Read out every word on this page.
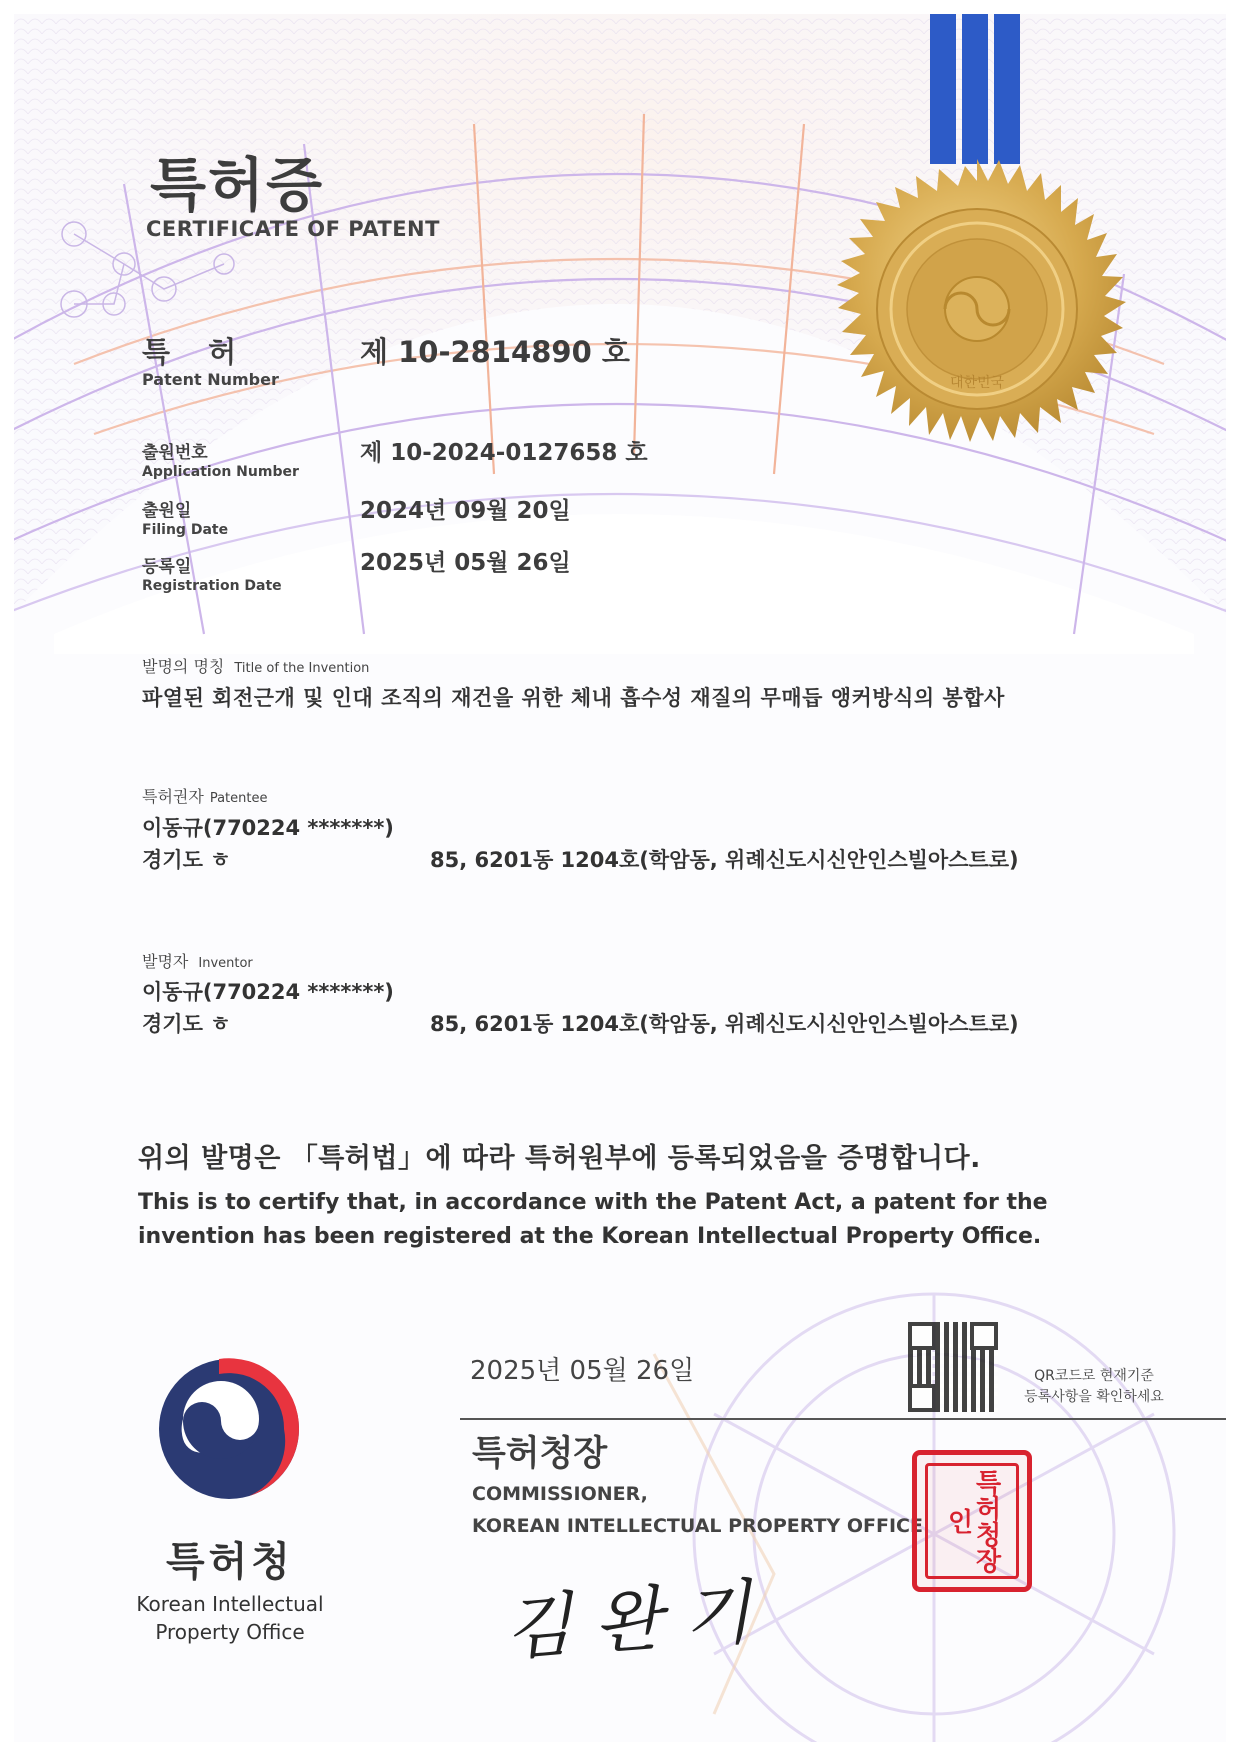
대한민국
특허증
CERTIFICATE OF PATENT
특 허
Patent Number
제 10-2814890 호
출원번호
Application Number
제 10-2024-0127658 호
출원일
Filing Date
2024년 09월 20일
등록일
Registration Date
2025년 05월 26일
발명의 명칭 Title of the Invention
파열된 회전근개 및 인대 조직의 재건을 위한 체내 흡수성 재질의 무매듭 앵커방식의 봉합사
특허권자 Patentee
이동규(770224 *******)
경기도 ㅎ	85, 6201동 1204호(학암동, 위례신도시신안인스빌아스트로)
발명자 Inventor
이동규(770224 *******)
경기도 ㅎ	85, 6201동 1204호(학암동, 위례신도시신안인스빌아스트로)
위의 발명은 「특허법」에 따라 특허원부에 등록되었음을 증명합니다.
This is to certify that, in accordance with the Patent Act, a patent for the
invention has been registered at the Korean Intellectual Property Office.
특허청
Korean Intellectual
Property Office
2025년 05월 26일	QR코드로 현재기준
등록사항을 확인하세요
특허청장
COMMISSIONER,
KOREAN INTELLECTUAL PROPERTY OFFICE
김완기
특허청장인
